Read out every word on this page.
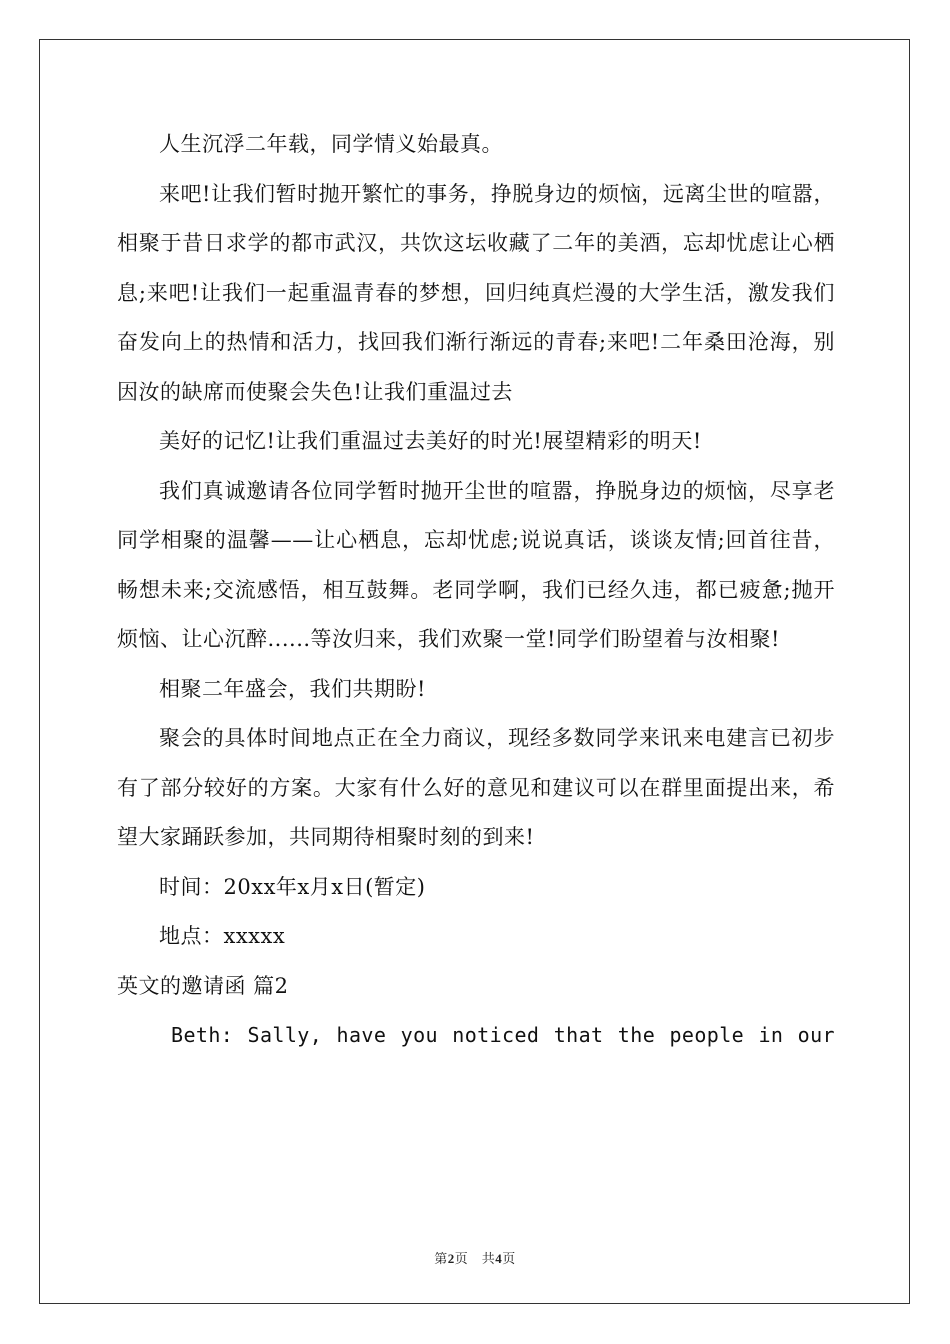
人生沉浮二年载，同学情义始最真。

来吧!让我们暂时抛开繁忙的事务，挣脱身边的烦恼，远离尘世的喧嚣，相聚于昔日求学的都市武汉，共饮这坛收藏了二年的美酒，忘却忧虑让心栖息;来吧!让我们一起重温青春的梦想，回归纯真烂漫的大学生活，激发我们奋发向上的热情和活力，找回我们渐行渐远的青春;来吧!二年桑田沧海，别因汝的缺席而使聚会失色!让我们重温过去

美好的记忆!让我们重温过去美好的时光!展望精彩的明天!

我们真诚邀请各位同学暂时抛开尘世的喧嚣，挣脱身边的烦恼，尽享老同学相聚的温馨——让心栖息，忘却忧虑;说说真话，谈谈友情;回首往昔，畅想未来;交流感悟，相互鼓舞。老同学啊，我们已经久违，都已疲惫;抛开烦恼、让心沉醉......等汝归来，我们欢聚一堂!同学们盼望着与汝相聚!

相聚二年盛会，我们共期盼!

聚会的具体时间地点正在全力商议，现经多数同学来讯来电建言已初步有了部分较好的方案。大家有什么好的意见和建议可以在群里面提出来，希望大家踊跃参加，共同期待相聚时刻的到来!

时间：20xx年x月x日(暂定)

地点：xxxxx

英文的邀请函 篇2

Beth: Sally, have you noticed that the people in our

第2页　共4页
